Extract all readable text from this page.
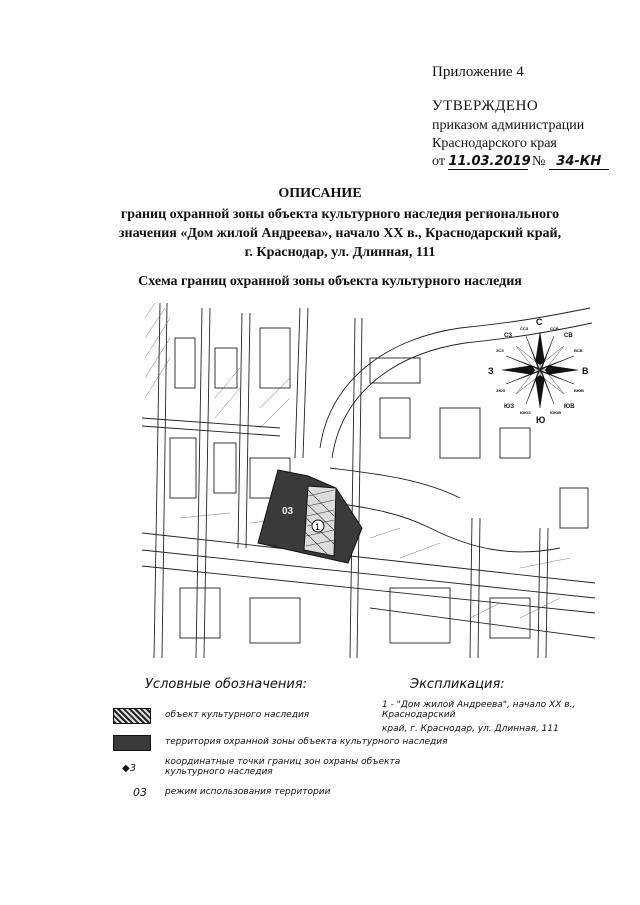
Приложение 4
УТВЕРЖДЕНО
приказом администрации
Краснодарского края
от 11.03.2019 № 34-КН
ОПИСАНИЕ
границ охранной зоны объекта культурного наследия регионального
значения «Дом жилой Андреева», начало XX в., Краснодарский край,
г. Краснодар, ул. Длинная, 111
Схема границ охранной зоны объекта культурного наследия
1
03
С
Ю
В
З
СВ
СЗ
ЮВ
ЮЗ
ССВ
ССЗ
ВСВ
ЗСЗ
ВЮВ
ЗЮЗ
ЮЮВ
ЮЮЗ
Условные обозначения:
объект культурного наследия
территория охранной зоны объекта культурного наследия
◆3
координатные точки границ зон охраны объекта
культурного наследия
03 режим использования территории
Экспликация:
1 - "Дом жилой Андреева", начало XX в., Краснодарский
край, г. Краснодар, ул. Длинная, 111
